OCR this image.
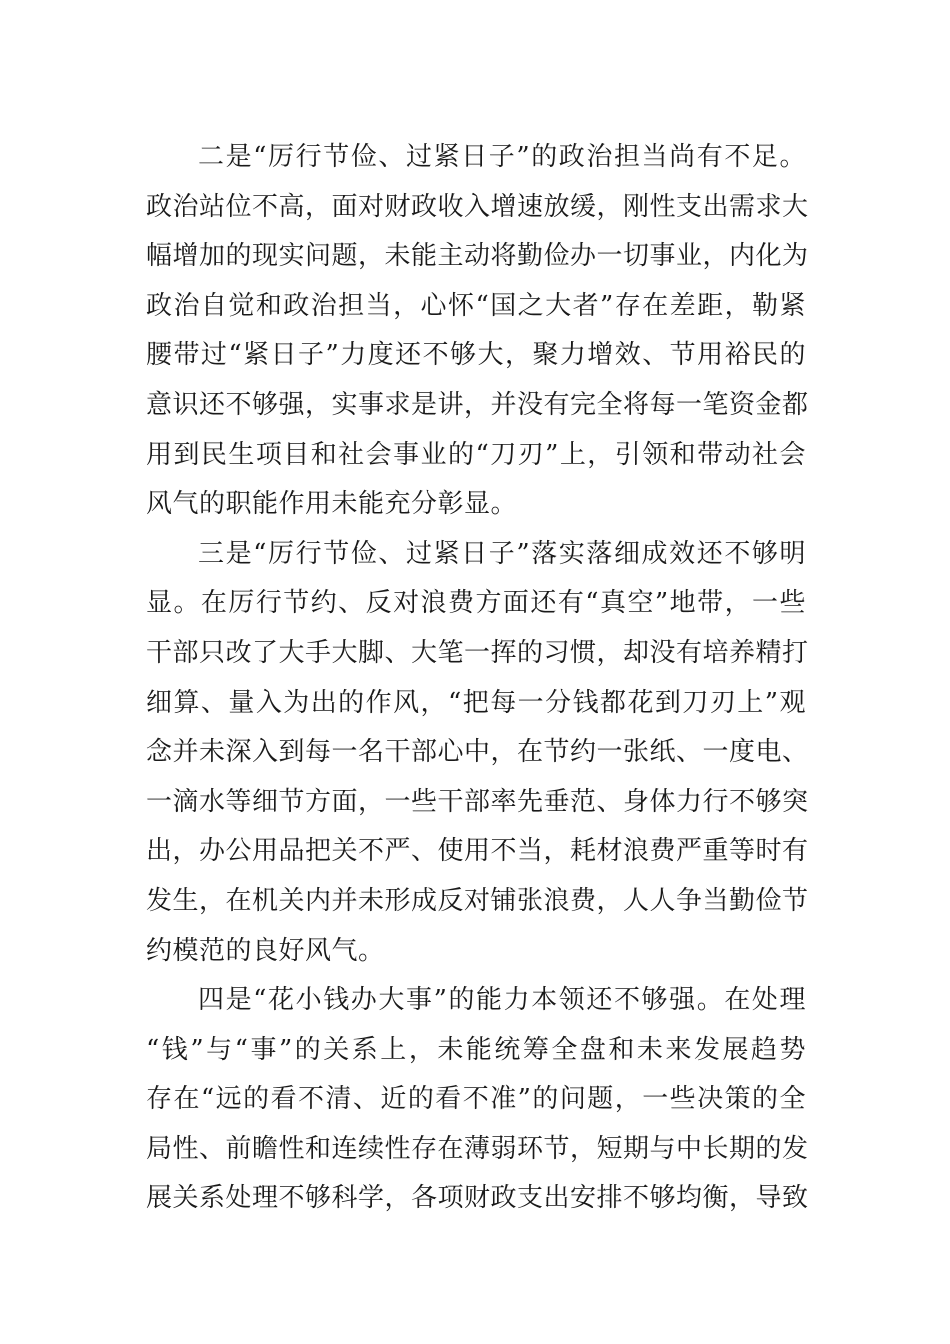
二是“厉行节俭、过紧日子”的政治担当尚有不足。
政治站位不高，面对财政收入增速放缓，刚性支出需求大
幅增加的现实问题，未能主动将勤俭办一切事业，内化为
政治自觉和政治担当，心怀“国之大者”存在差距，勒紧
腰带过“紧日子”力度还不够大，聚力增效、节用裕民的
意识还不够强，实事求是讲，并没有完全将每一笔资金都
用到民生项目和社会事业的“刀刃”上，引领和带动社会
风气的职能作用未能充分彰显。
三是“厉行节俭、过紧日子”落实落细成效还不够明
显。在厉行节约、反对浪费方面还有“真空”地带，一些
干部只改了大手大脚、大笔一挥的习惯，却没有培养精打
细算、量入为出的作风，“把每一分钱都花到刀刃上”观
念并未深入到每一名干部心中，在节约一张纸、一度电、
一滴水等细节方面，一些干部率先垂范、身体力行不够突
出，办公用品把关不严、使用不当，耗材浪费严重等时有
发生，在机关内并未形成反对铺张浪费，人人争当勤俭节
约模范的良好风气。
四是“花小钱办大事”的能力本领还不够强。在处理
“钱”与“事”的关系上，未能统筹全盘和未来发展趋势
存在“远的看不清、近的看不准”的问题，一些决策的全
局性、前瞻性和连续性存在薄弱环节，短期与中长期的发
展关系处理不够科学，各项财政支出安排不够均衡，导致
